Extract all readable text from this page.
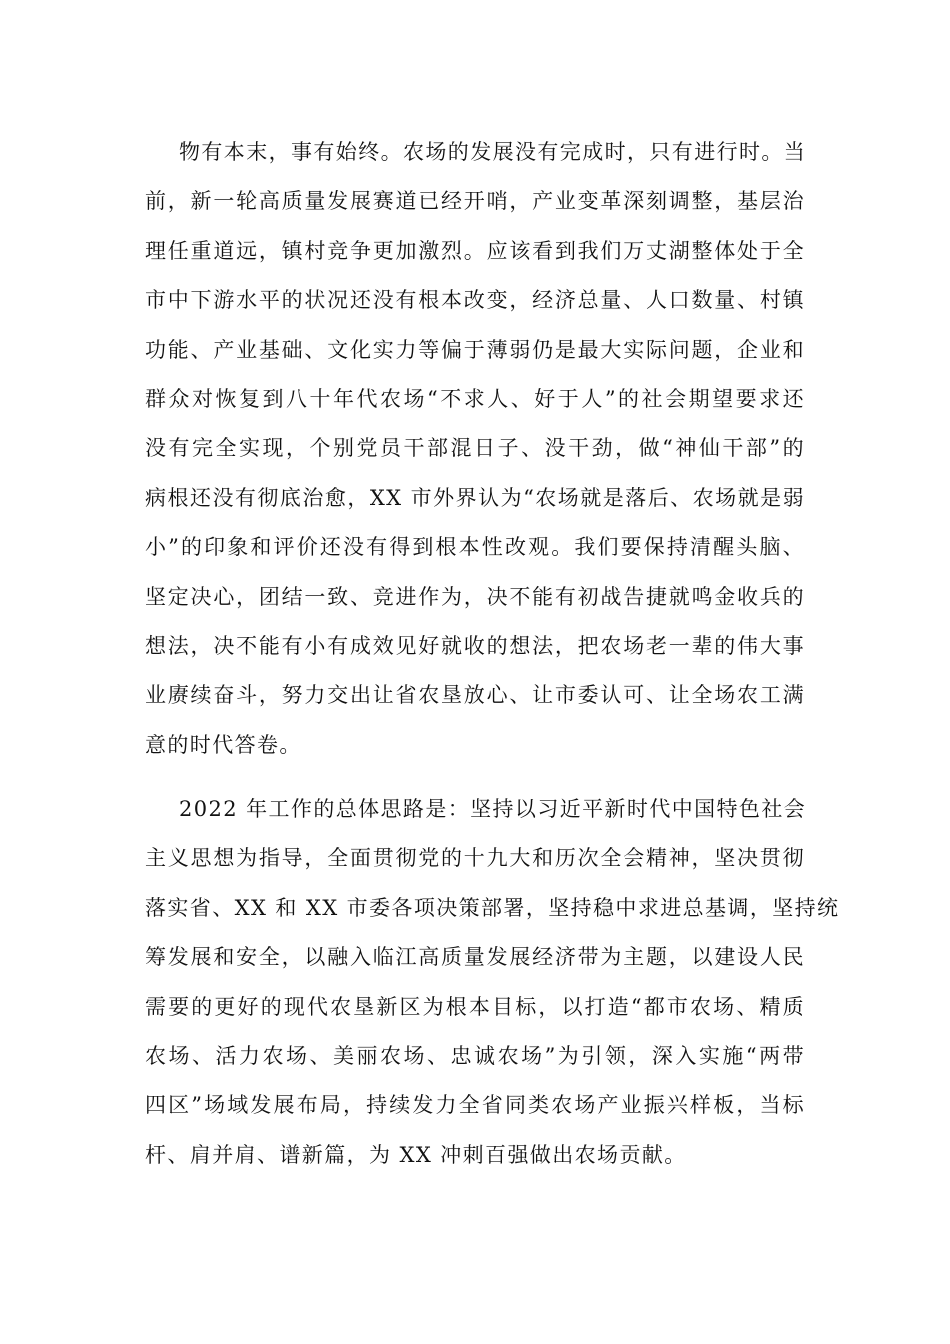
物有本末，事有始终。农场的发展没有完成时，只有进行时。当
前，新一轮高质量发展赛道已经开哨，产业变革深刻调整，基层治
理任重道远，镇村竞争更加激烈。应该看到我们万丈湖整体处于全
市中下游水平的状况还没有根本改变，经济总量、人口数量、村镇
功能、产业基础、文化实力等偏于薄弱仍是最大实际问题，企业和
群众对恢复到八十年代农场“不求人、好于人”的社会期望要求还
没有完全实现，个别党员干部混日子、没干劲，做“神仙干部”的
病根还没有彻底治愈，XX 市外界认为“农场就是落后、农场就是弱
小”的印象和评价还没有得到根本性改观。我们要保持清醒头脑、
坚定决心，团结一致、竞进作为，决不能有初战告捷就鸣金收兵的
想法，决不能有小有成效见好就收的想法，把农场老一辈的伟大事
业赓续奋斗，努力交出让省农垦放心、让市委认可、让全场农工满
意的时代答卷。
2022 年工作的总体思路是：坚持以习近平新时代中国特色社会
主义思想为指导，全面贯彻党的十九大和历次全会精神，坚决贯彻
落实省、XX 和 XX 市委各项决策部署，坚持稳中求进总基调，坚持统
筹发展和安全，以融入临江高质量发展经济带为主题，以建设人民
需要的更好的现代农垦新区为根本目标，以打造“都市农场、精质
农场、活力农场、美丽农场、忠诚农场”为引领，深入实施“两带
四区”场域发展布局，持续发力全省同类农场产业振兴样板，当标
杆、肩并肩、谱新篇，为 XX 冲刺百强做出农场贡献。
